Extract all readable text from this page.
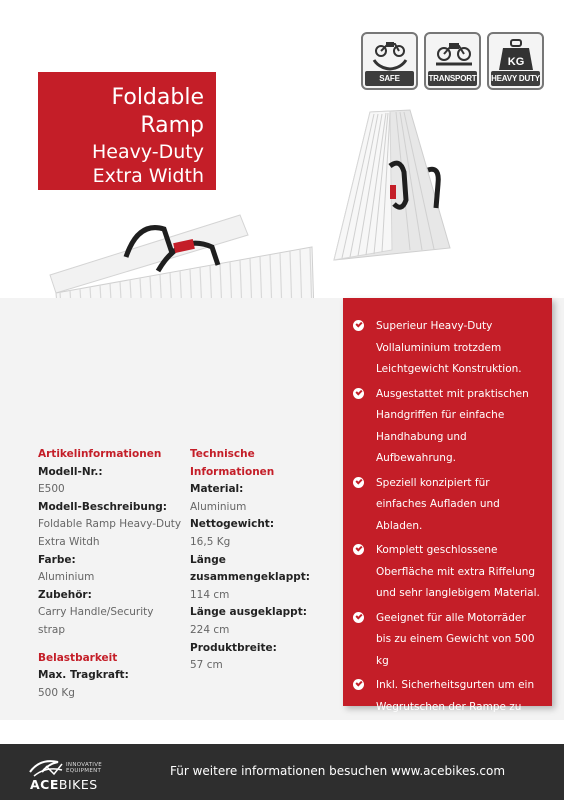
Foldable Ramp
Heavy-Duty
Extra Width
SAFE	TRANSPORT
KG
HEAVY DUTY
Artikelinformationen
Modell-Nr.:
E500
Modell-Beschreibung:
Foldable Ramp Heavy-Duty Extra Witdh
Farbe:
Aluminium
Zubehör:
Carry Handle/Security strap
Belastbarkeit
Max. Tragkraft:
500 Kg
Technische Informationen
Material:
Aluminium
Nettogewicht:
16,5 Kg
Länge zusammengeklappt:
114 cm
Länge ausgeklappt:
224 cm
Produktbreite:
57 cm
Superieur Heavy-Duty Vollaluminium trotzdem Leichtgewicht Konstruktion.
Ausgestattet mit praktischen Handgriffen für einfache Handhabung und Aufbewahrung.
Speziell konzipiert für einfaches Aufladen und Abladen.
Komplett geschlossene Oberfläche mit extra Riffelung und sehr langlebigem Material.
Geeignet für alle Motorräder bis zu einem Gewicht von 500 kg
Inkl. Sicherheitsgurten um ein Wegrutschen der Rampe zu verhindern.
INNOVATIVE
EQUIPMENT
ACEBIKES
Für weitere informationen besuchen www.acebikes.com
